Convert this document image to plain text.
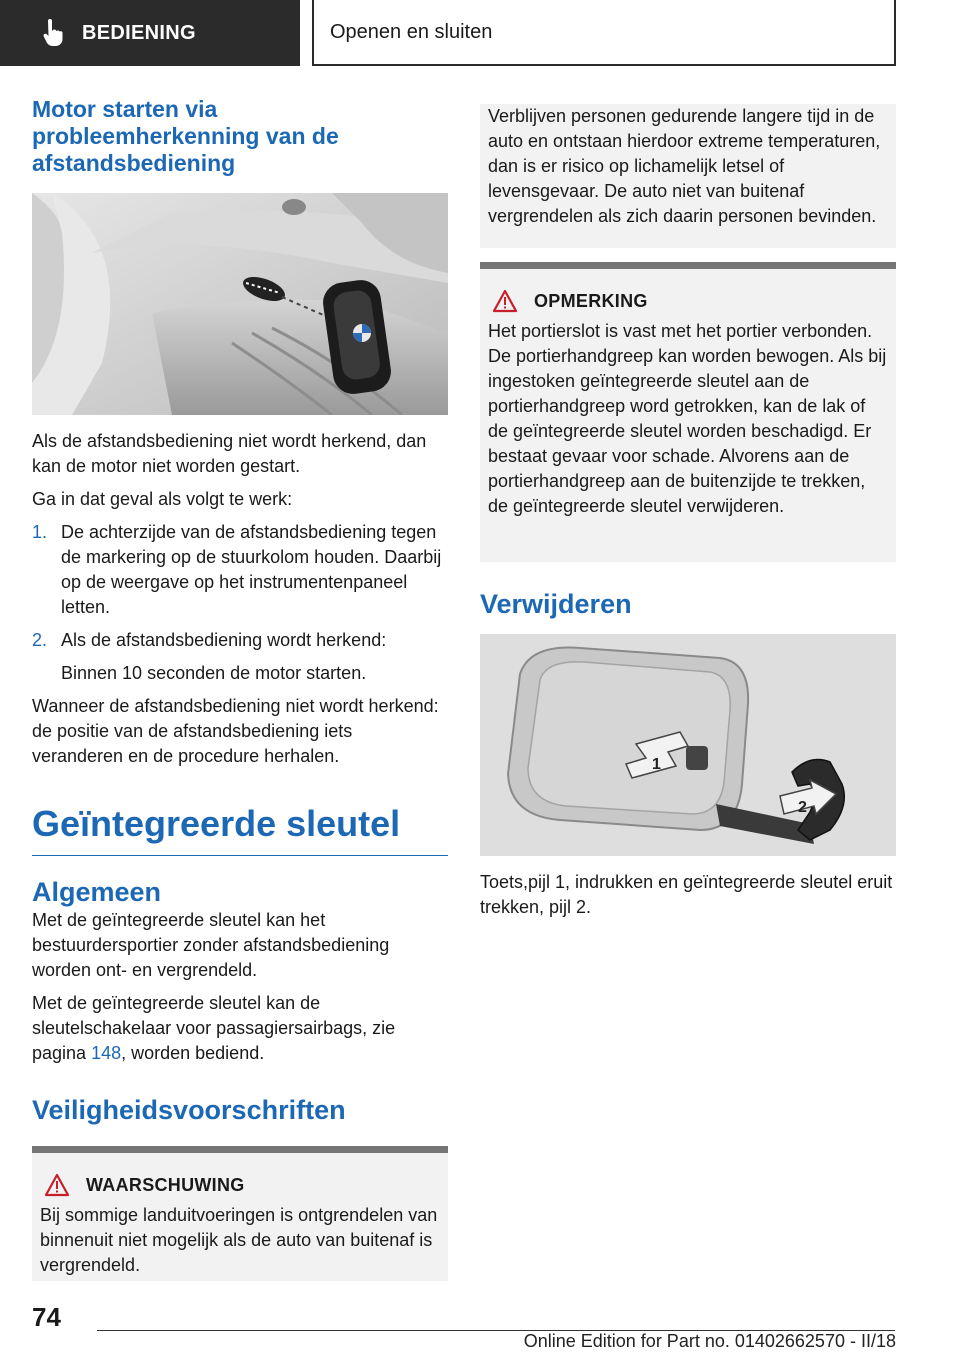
BEDIENING	Openen en sluiten
Motor starten via probleemherkenning van de afstandsbediening

Als de afstandsbediening niet wordt herkend, dan kan de motor niet worden gestart.

Ga in dat geval als volgt te werk:

1. De achterzijde van de afstandsbediening tegen de markering op de stuurkolom houden. Daarbij op de weergave op het instrumentenpaneel letten.
2. Als de afstandsbediening wordt herkend:

Binnen 10 seconden de motor starten.

Wanneer de afstandsbediening niet wordt herkend: de positie van de afstandsbediening iets veranderen en de procedure herhalen.

Geïntegreerde sleutel
Algemeen

Met de geïntegreerde sleutel kan het bestuurdersportier zonder afstandsbediening worden ont- en vergrendeld.

Met de geïntegreerde sleutel kan de sleutelschakelaar voor passagiersairbags, zie pagina 148, worden bediend.

Veiligheidsvoorschriften
WAARSCHUWING

Bij sommige landuitvoeringen is ontgrendelen van binnenuit niet mogelijk als de auto van buitenaf is vergrendeld.

Verblijven personen gedurende langere tijd in de auto en ontstaan hierdoor extreme temperaturen, dan is er risico op lichamelijk letsel of levensgevaar. De auto niet van buitenaf vergrendelen als zich daarin personen bevinden.

OPMERKING

Het portierslot is vast met het portier verbonden. De portierhandgreep kan worden bewogen. Als bij ingestoken geïntegreerde sleutel aan de portierhandgreep word getrokken, kan de lak of de geïntegreerde sleutel worden beschadigd. Er bestaat gevaar voor schade. Alvorens aan de portierhandgreep aan de buitenzijde te trekken, de geïntegreerde sleutel verwijderen.

Verwijderen
1
2

Toets,pijl 1, indrukken en geïntegreerde sleutel eruit trekken, pijl 2.

74
Online Edition for Part no. 01402662570 - II/18
